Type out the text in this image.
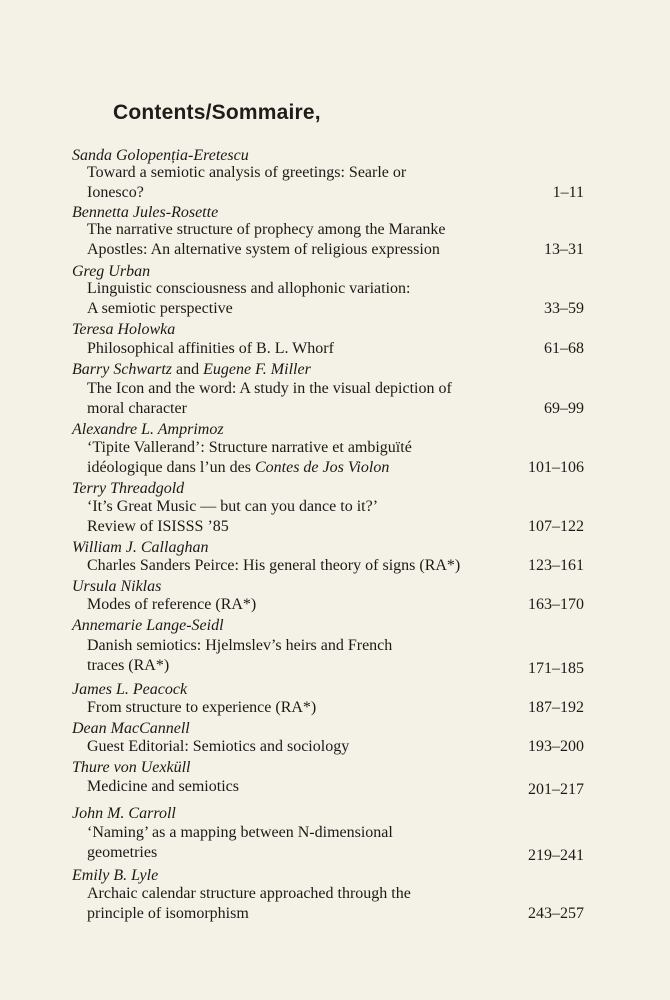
Contents/Sommaire,
Sanda Golopenția-Eretescu
Toward a semiotic analysis of greetings: Searle or
Ionesco?	1–11
Bennetta Jules-Rosette
The narrative structure of prophecy among the Maranke
Apostles: An alternative system of religious expression	13–31
Greg Urban
Linguistic consciousness and allophonic variation:
A semiotic perspective	33–59
Teresa Holowka
Philosophical affinities of B. L. Whorf	61–68
Barry Schwartz and Eugene F. Miller
The Icon and the word: A study in the visual depiction of
moral character	69–99
Alexandre L. Amprimoz
‘Tipite Vallerand’: Structure narrative et ambiguïté
idéologique dans l’un des Contes de Jos Violon	101–106
Terry Threadgold
‘It’s Great Music — but can you dance to it?’
Review of ISISSS ’85	107–122
William J. Callaghan
Charles Sanders Peirce: His general theory of signs (RA*)	123–161
Ursula Niklas
Modes of reference (RA*)	163–170
Annemarie Lange-Seidl
Danish semiotics: Hjelmslev’s heirs and French
traces (RA*)	171–185
James L. Peacock
From structure to experience (RA*)	187–192
Dean MacCannell
Guest Editorial: Semiotics and sociology	193–200
Thure von Uexküll
Medicine and semiotics	201–217
John M. Carroll
‘Naming’ as a mapping between N-dimensional
geometries	219–241
Emily B. Lyle
Archaic calendar structure approached through the
principle of isomorphism	243–257
